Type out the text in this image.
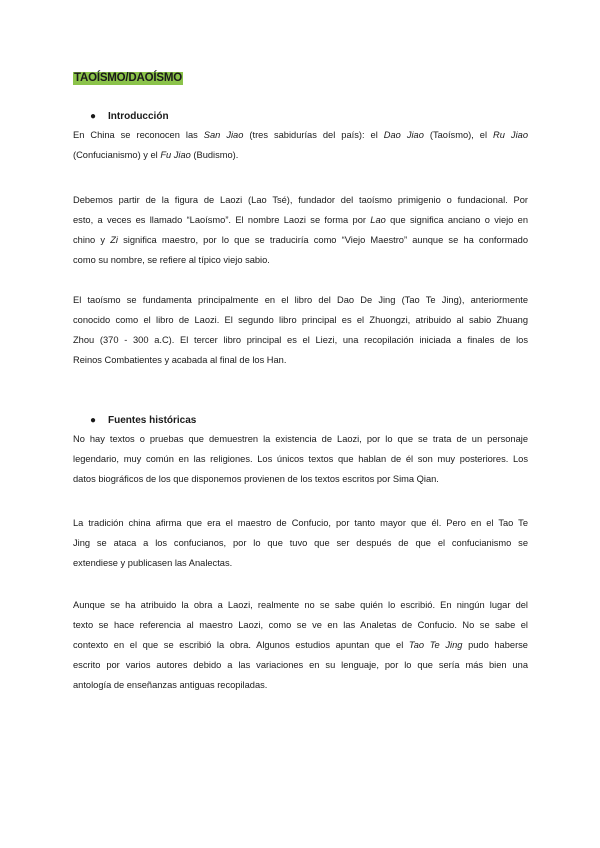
TAOÍSMO/DAOÍSMO
● Introducción
En China se reconocen las San Jiao (tres sabidurías del país): el Dao Jiao (Taoísmo), el Ru Jiao
(Confucianismo) y el Fu Jiao (Budismo).
Debemos partir de la figura de Laozi (Lao Tsé), fundador del taoísmo primigenio o fundacional. Por
esto, a veces es llamado “Laoísmo”. El nombre Laozi se forma por Lao que significa anciano o viejo en
chino y Zi significa maestro, por lo que se traduciría como “Viejo Maestro” aunque se ha conformado
como su nombre, se refiere al típico viejo sabio.
El taoísmo se fundamenta principalmente en el libro del Dao De Jing (Tao Te Jing), anteriormente
conocido como el libro de Laozi. El segundo libro principal es el Zhuongzi, atribuido al sabio Zhuang
Zhou (370 - 300 a.C). El tercer libro principal es el Liezi, una recopilación iniciada a finales de los
Reinos Combatientes y acabada al final de los Han.
● Fuentes históricas
No hay textos o pruebas que demuestren la existencia de Laozi, por lo que se trata de un personaje
legendario, muy común en las religiones. Los únicos textos que hablan de él son muy posteriores. Los
datos biográficos de los que disponemos provienen de los textos escritos por Sima Qian.
La tradición china afirma que era el maestro de Confucio, por tanto mayor que él. Pero en el Tao Te
Jing se ataca a los confucianos, por lo que tuvo que ser después de que el confucianismo se
extendiese y publicasen las Analectas.
Aunque se ha atribuido la obra a Laozi, realmente no se sabe quién lo escribió. En ningún lugar del
texto se hace referencia al maestro Laozi, como se ve en las Analetas de Confucio. No se sabe el
contexto en el que se escribió la obra. Algunos estudios apuntan que el Tao Te Jing pudo haberse
escrito por varios autores debido a las variaciones en su lenguaje, por lo que sería más bien una
antología de enseñanzas antiguas recopiladas.
